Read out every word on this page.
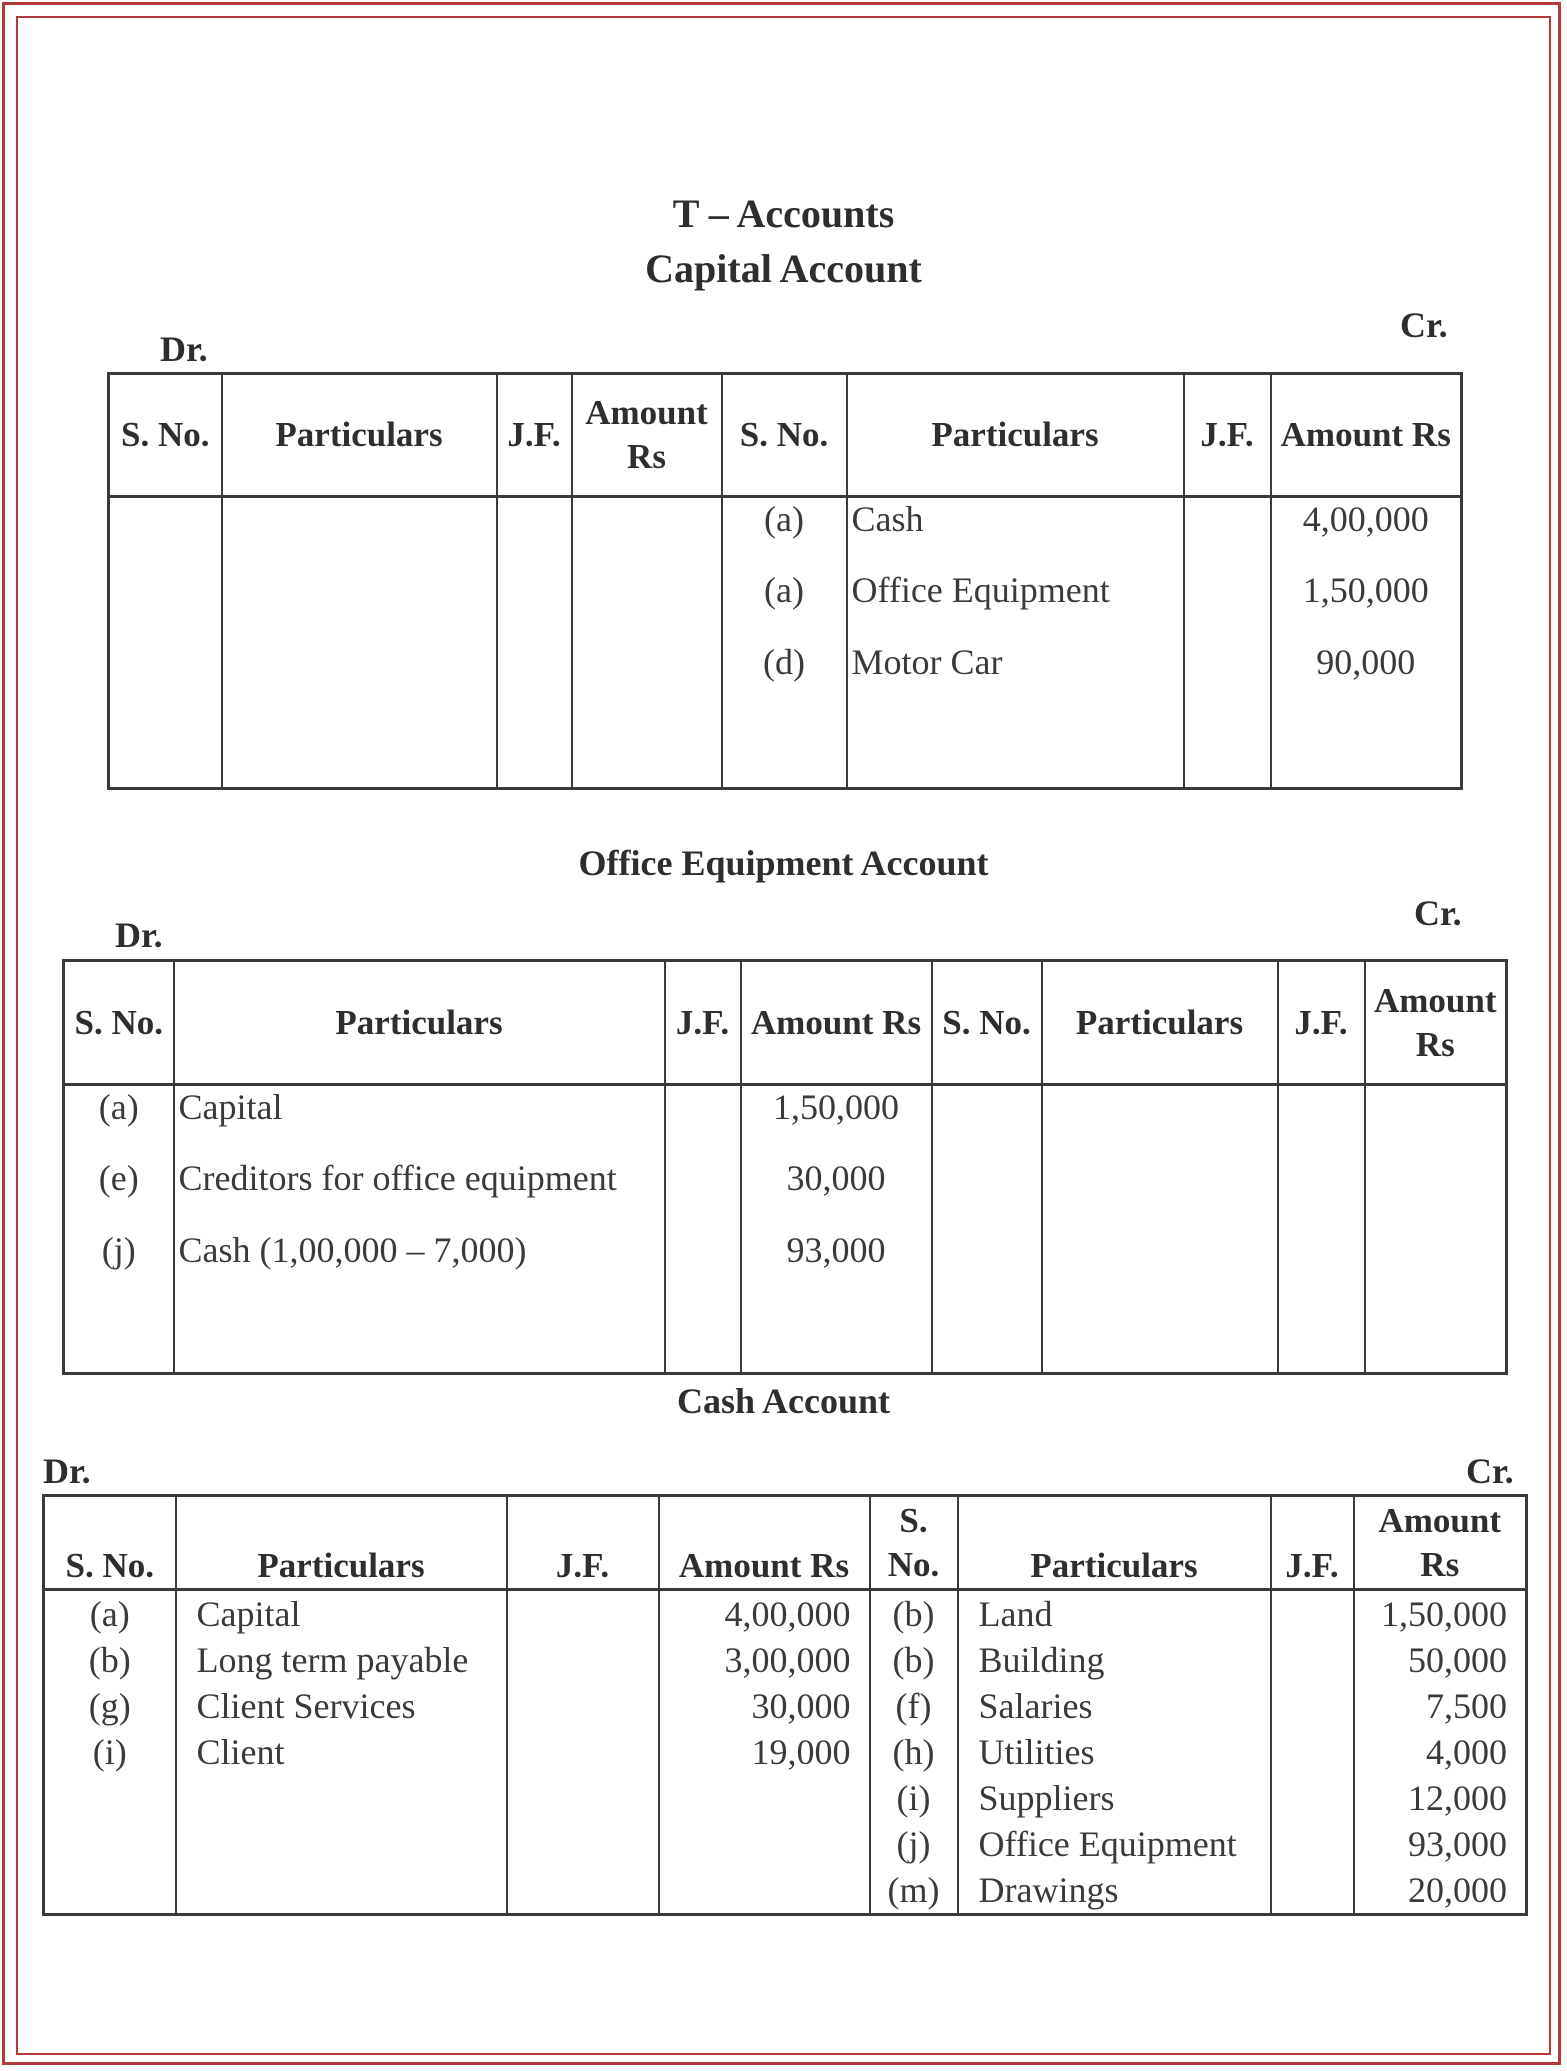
T – Accounts
Capital Account
Dr.
Cr.
S. No.	Particulars	J.F.	Amount Rs	S. No.	Particulars	J.F.	Amount Rs
				(a)	Cash		4,00,000
				(a)	Office Equipment		1,50,000
				(d)	Motor Car		90,000

Office Equipment Account
Dr.
Cr.
S. No.	Particulars	J.F.	Amount Rs	S. No.	Particulars	J.F.	Amount Rs
(a)	Capital		1,50,000				
(e)	Creditors for office equipment		30,000				
(j)	Cash (1,00,000 – 7,000)		93,000				

Cash Account
Dr.	Cr.
S. No.	Particulars	J.F.	Amount Rs	S. No.	Particulars	J.F.	Amount Rs
(a)	Capital		4,00,000	(b)	Land		1,50,000
(b)	Long term payable		3,00,000	(b)	Building		50,000
(g)	Client Services		30,000	(f)	Salaries		7,500
(i)	Client		19,000	(h)	Utilities		4,000
				(i)	Suppliers		12,000
				(j)	Office Equipment		93,000
				(m)	Drawings		20,000
